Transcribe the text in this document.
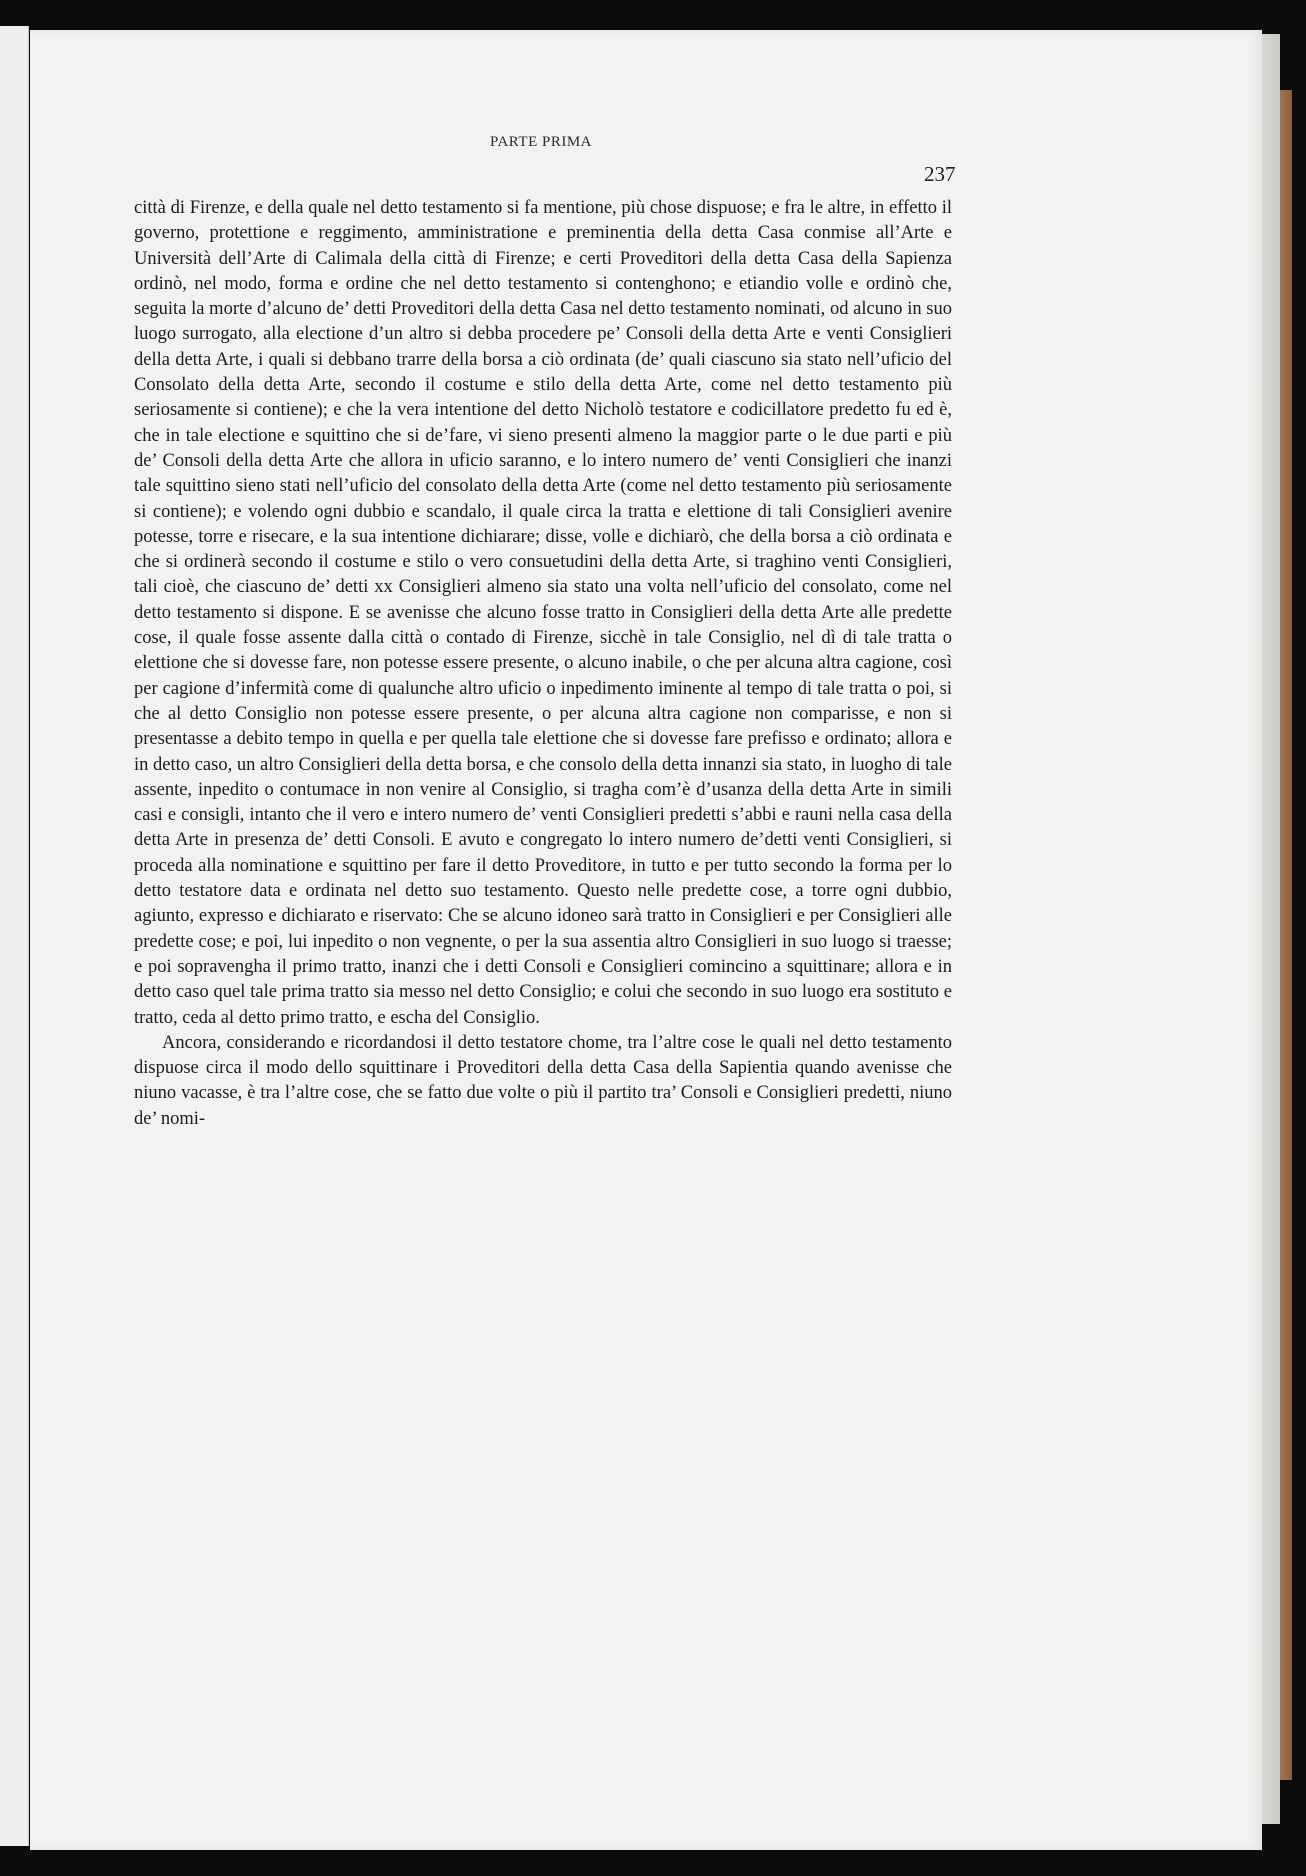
PARTE PRIMA
237

città di Firenze, e della quale nel detto testamento si fa mentione, più chose dispuose; e fra le altre, in effetto il governo, protettione e reggimento, amministratione e preminentia della detta Casa conmise all’Arte e Università dell’Arte di Calimala della città di Firenze; e certi Proveditori della detta Casa della Sapienza ordinò, nel modo, forma e ordine che nel detto testamento si contenghono; e etiandio volle e ordinò che, seguita la morte d’alcuno de’ detti Proveditori della detta Casa nel detto testamento nominati, od alcuno in suo luogo surrogato, alla electione d’un altro si debba procedere pe’ Consoli della detta Arte e venti Consiglieri della detta Arte, i quali si debbano trarre della borsa a ciò ordinata (de’ quali ciascuno sia stato nell’uficio del Consolato della detta Arte, secondo il costume e stilo della detta Arte, come nel detto testamento più seriosamente si contiene); e che la vera intentione del detto Nicholò testatore e codicillatore predetto fu ed è, che in tale electione e squittino che si de’fare, vi sieno presenti almeno la maggior parte o le due parti e più de’ Consoli della detta Arte che allora in uficio saranno, e lo intero numero de’ venti Consiglieri che inanzi tale squittino sieno stati nell’uficio del consolato della detta Arte (come nel detto testamento più seriosamente si contiene); e volendo ogni dubbio e scandalo, il quale circa la tratta e elettione di tali Consiglieri avenire potesse, torre e risecare, e la sua intentione dichiarare; disse, volle e dichiarò, che della borsa a ciò ordinata e che si ordinerà secondo il costume e stilo o vero consuetudini della detta Arte, si traghino venti Consiglieri, tali cioè, che ciascuno de’ detti xx Consiglieri almeno sia stato una volta nell’uficio del consolato, come nel detto testamento si dispone. E se avenisse che alcuno fosse tratto in Consiglieri della detta Arte alle predette cose, il quale fosse assente dalla città o contado di Firenze, sicchè in tale Consiglio, nel dì di tale tratta o elettione che si dovesse fare, non potesse essere presente, o alcuno inabile, o che per alcuna altra cagione, così per cagione d’infermità come di qualunche altro uficio o inpedimento iminente al tempo di tale tratta o poi, si che al detto Consiglio non potesse essere presente, o per alcuna altra cagione non comparisse, e non si presentasse a debito tempo in quella e per quella tale elettione che si dovesse fare prefisso e ordinato; allora e in detto caso, un altro Consiglieri della detta borsa, e che consolo della detta innanzi sia stato, in luogho di tale assente, inpedito o contumace in non venire al Consiglio, si tragha com’è d’usanza della detta Arte in simili casi e consigli, intanto che il vero e intero numero de’ venti Consiglieri predetti s’abbi e rauni nella casa della detta Arte in presenza de’ detti Consoli. E avuto e congregato lo intero numero de’detti venti Consiglieri, si proceda alla nominatione e squittino per fare il detto Proveditore, in tutto e per tutto secondo la forma per lo detto testatore data e ordinata nel detto suo testamento. Questo nelle predette cose, a torre ogni dubbio, agiunto, expresso e dichiarato e riservato: Che se alcuno idoneo sarà tratto in Consiglieri e per Consiglieri alle predette cose; e poi, lui inpedito o non vegnente, o per la sua assentia altro Consiglieri in suo luogo si traesse; e poi sopravengha il primo tratto, inanzi che i detti Consoli e Consiglieri comincino a squittinare; allora e in detto caso quel tale prima tratto sia messo nel detto Consiglio; e colui che secondo in suo luogo era sostituto e tratto, ceda al detto primo tratto, e escha del Consiglio.

Ancora, considerando e ricordandosi il detto testatore chome, tra l’altre cose le quali nel detto testamento dispuose circa il modo dello squittinare i Proveditori della detta Casa della Sapientia quando avenisse che niuno vacasse, è tra l’altre cose, che se fatto due volte o più il partito tra’ Consoli e Consiglieri predetti, niuno de’ nomi-
